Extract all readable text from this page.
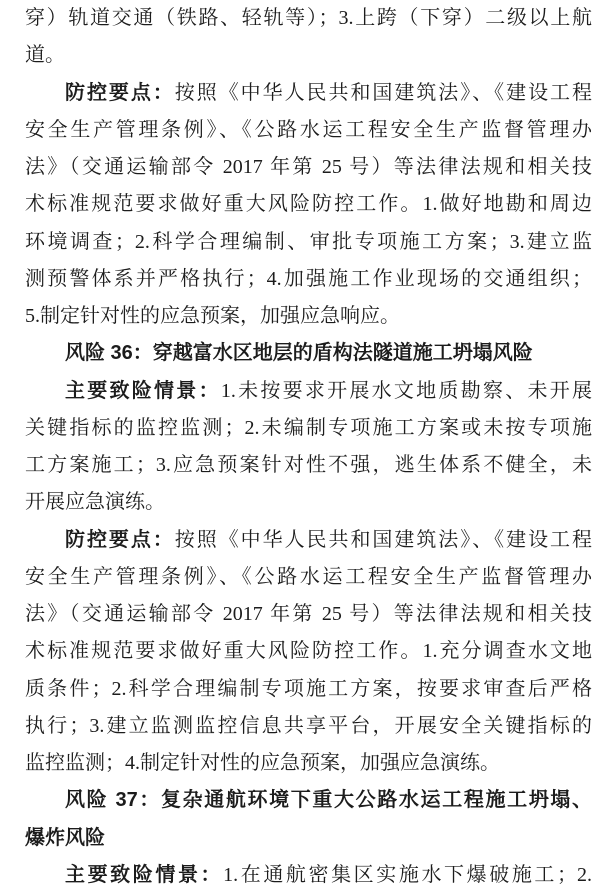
穿）轨道交通（铁路、轻轨等）；3.上跨（下穿）二级以上航
道。
防控要点：按照《中华人民共和国建筑法》、《建设工程
安全生产管理条例》、《公路水运工程安全生产监督管理办
法》（交通运输部令 2017 年第 25 号）等法律法规和相关技
术标准规范要求做好重大风险防控工作。1.做好地勘和周边
环境调查；2.科学合理编制、审批专项施工方案；3.建立监
测预警体系并严格执行；4.加强施工作业现场的交通组织；
5.制定针对性的应急预案，加强应急响应。
风险 36：穿越富水区地层的盾构法隧道施工坍塌风险
主要致险情景：1.未按要求开展水文地质勘察、未开展
关键指标的监控监测；2.未编制专项施工方案或未按专项施
工方案施工；3.应急预案针对性不强，逃生体系不健全，未
开展应急演练。
防控要点：按照《中华人民共和国建筑法》、《建设工程
安全生产管理条例》、《公路水运工程安全生产监督管理办
法》（交通运输部令 2017 年第 25 号）等法律法规和相关技
术标准规范要求做好重大风险防控工作。1.充分调查水文地
质条件；2.科学合理编制专项施工方案，按要求审查后严格
执行；3.建立监测监控信息共享平台，开展安全关键指标的
监控监测；4.制定针对性的应急预案，加强应急演练。
风险 37：复杂通航环境下重大公路水运工程施工坍塌、
爆炸风险
主要致险情景：1.在通航密集区实施水下爆破施工；2.
